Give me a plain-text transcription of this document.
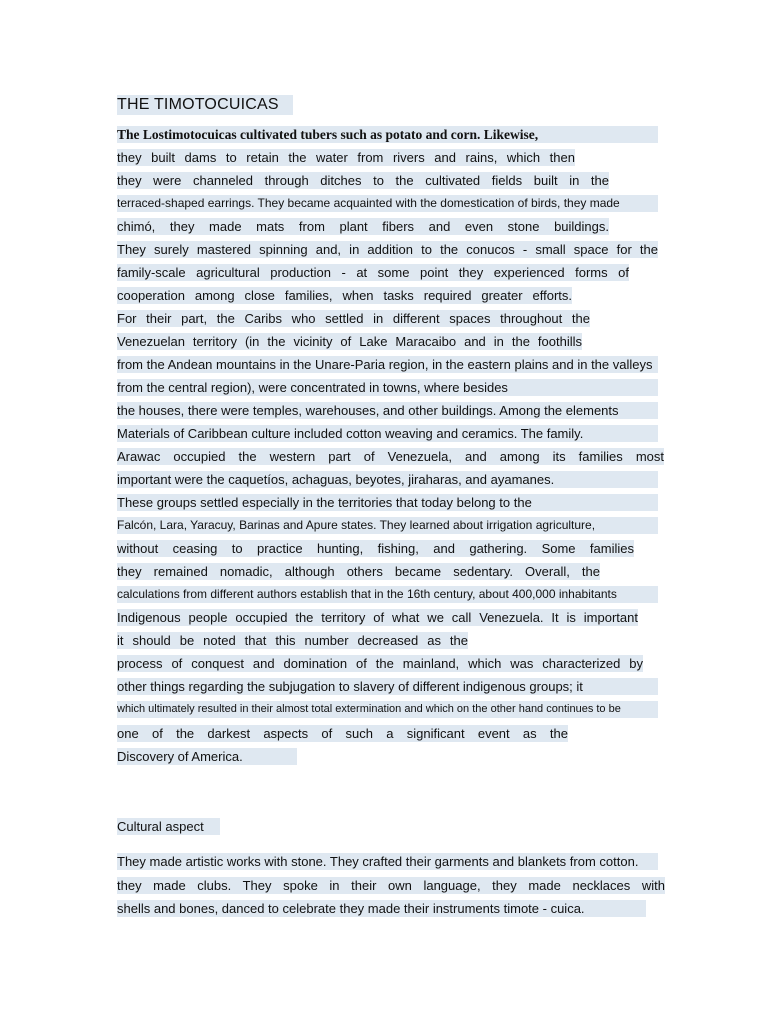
THE TIMOTOCUICAS
The Lostimotocuicas cultivated tubers such as potato and corn. Likewise,
they built dams to retain the water from rivers and rains, which then
they were channeled through ditches to the cultivated fields built in the
terraced-shaped earrings. They became acquainted with the domestication of birds, they made
chimó, they made mats from plant fibers and even stone buildings.
They surely mastered spinning and, in addition to the conucos - small space for the
family-scale agricultural production - at some point they experienced forms of
cooperation among close families, when tasks required greater efforts.
For their part, the Caribs who settled in different spaces throughout the
Venezuelan territory (in the vicinity of Lake Maracaibo and in the foothills
from the Andean mountains in the Unare-Paria region, in the eastern plains and in the valleys
from the central region), were concentrated in towns, where besides
the houses, there were temples, warehouses, and other buildings. Among the elements
Materials of Caribbean culture included cotton weaving and ceramics. The family.
Arawac occupied the western part of Venezuela, and among its families most
important were the caquetíos, achaguas, beyotes, jiraharas, and ayamanes.
These groups settled especially in the territories that today belong to the
Falcón, Lara, Yaracuy, Barinas and Apure states. They learned about irrigation agriculture,
without ceasing to practice hunting, fishing, and gathering. Some families
they remained nomadic, although others became sedentary. Overall, the
calculations from different authors establish that in the 16th century, about 400,000 inhabitants
Indigenous people occupied the territory of what we call Venezuela. It is important
it should be noted that this number decreased as the
process of conquest and domination of the mainland, which was characterized by
other things regarding the subjugation to slavery of different indigenous groups; it
which ultimately resulted in their almost total extermination and which on the other hand continues to be
one of the darkest aspects of such a significant event as the
Discovery of America.
Cultural aspect
They made artistic works with stone. They crafted their garments and blankets from cotton.
they made clubs. They spoke in their own language, they made necklaces with
shells and bones, danced to celebrate they made their instruments timote - cuica.
